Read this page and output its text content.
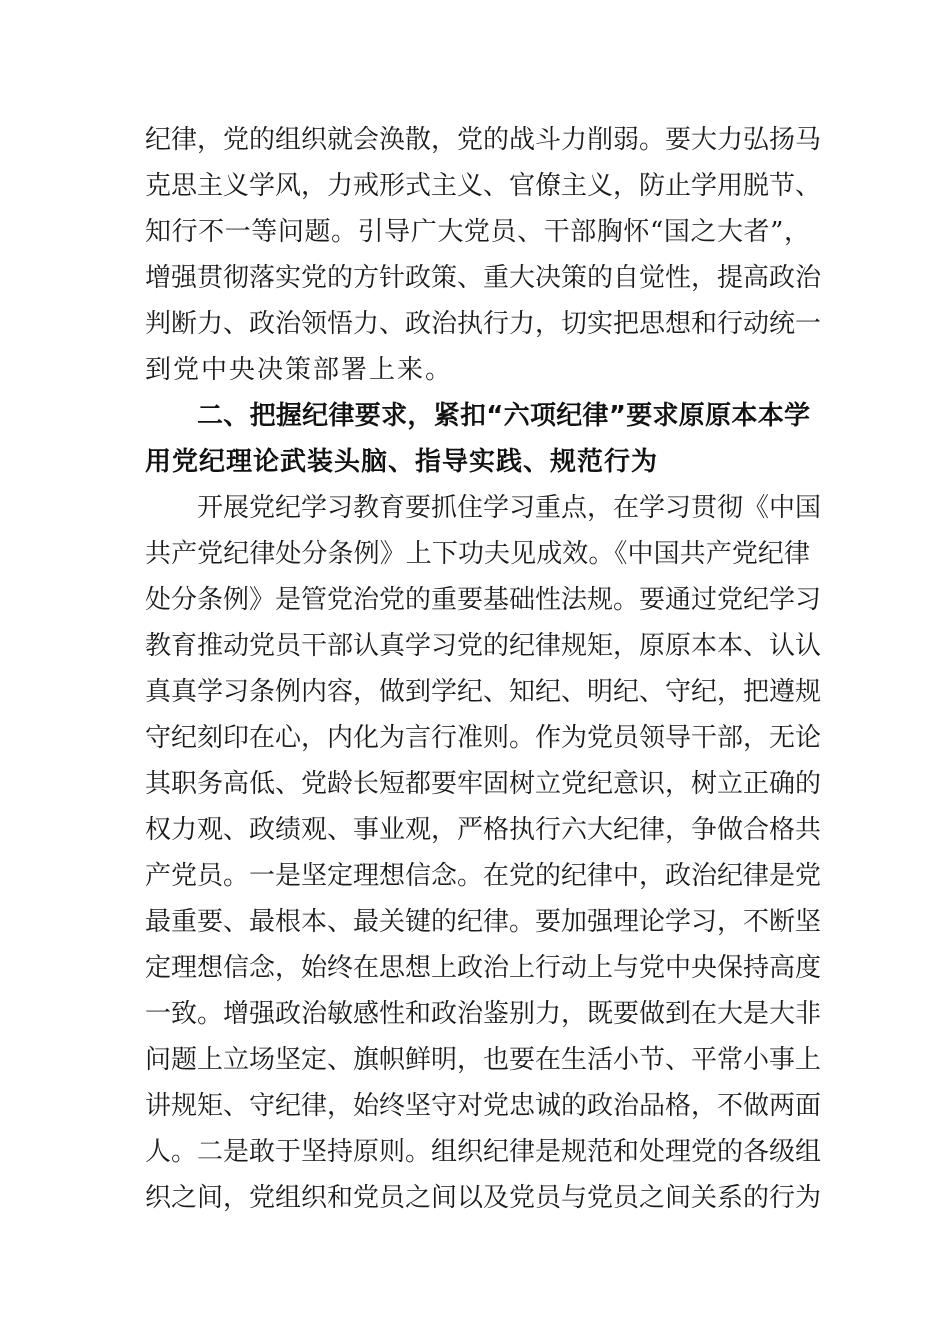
纪律，党的组织就会涣散，党的战斗力削弱。要大力弘扬马
克思主义学风，力戒形式主义、官僚主义，防止学用脱节、
知行不一等问题。引导广大党员、干部胸怀“国之大者”，
增强贯彻落实党的方针政策、重大决策的自觉性，提高政治
判断力、政治领悟力、政治执行力，切实把思想和行动统一
到党中央决策部署上来。
二、把握纪律要求，紧扣“六项纪律”要求原原本本学
用党纪理论武装头脑、指导实践、规范行为
开展党纪学习教育要抓住学习重点，在学习贯彻《中国
共产党纪律处分条例》上下功夫见成效。《中国共产党纪律
处分条例》是管党治党的重要基础性法规。要通过党纪学习
教育推动党员干部认真学习党的纪律规矩，原原本本、认认
真真学习条例内容，做到学纪、知纪、明纪、守纪，把遵规
守纪刻印在心，内化为言行准则。作为党员领导干部，无论
其职务高低、党龄长短都要牢固树立党纪意识，树立正确的
权力观、政绩观、事业观，严格执行六大纪律，争做合格共
产党员。一是坚定理想信念。在党的纪律中，政治纪律是党
最重要、最根本、最关键的纪律。要加强理论学习，不断坚
定理想信念，始终在思想上政治上行动上与党中央保持高度
一致。增强政治敏感性和政治鉴别力，既要做到在大是大非
问题上立场坚定、旗帜鲜明，也要在生活小节、平常小事上
讲规矩、守纪律，始终坚守对党忠诚的政治品格，不做两面
人。二是敢于坚持原则。组织纪律是规范和处理党的各级组
织之间，党组织和党员之间以及党员与党员之间关系的行为
